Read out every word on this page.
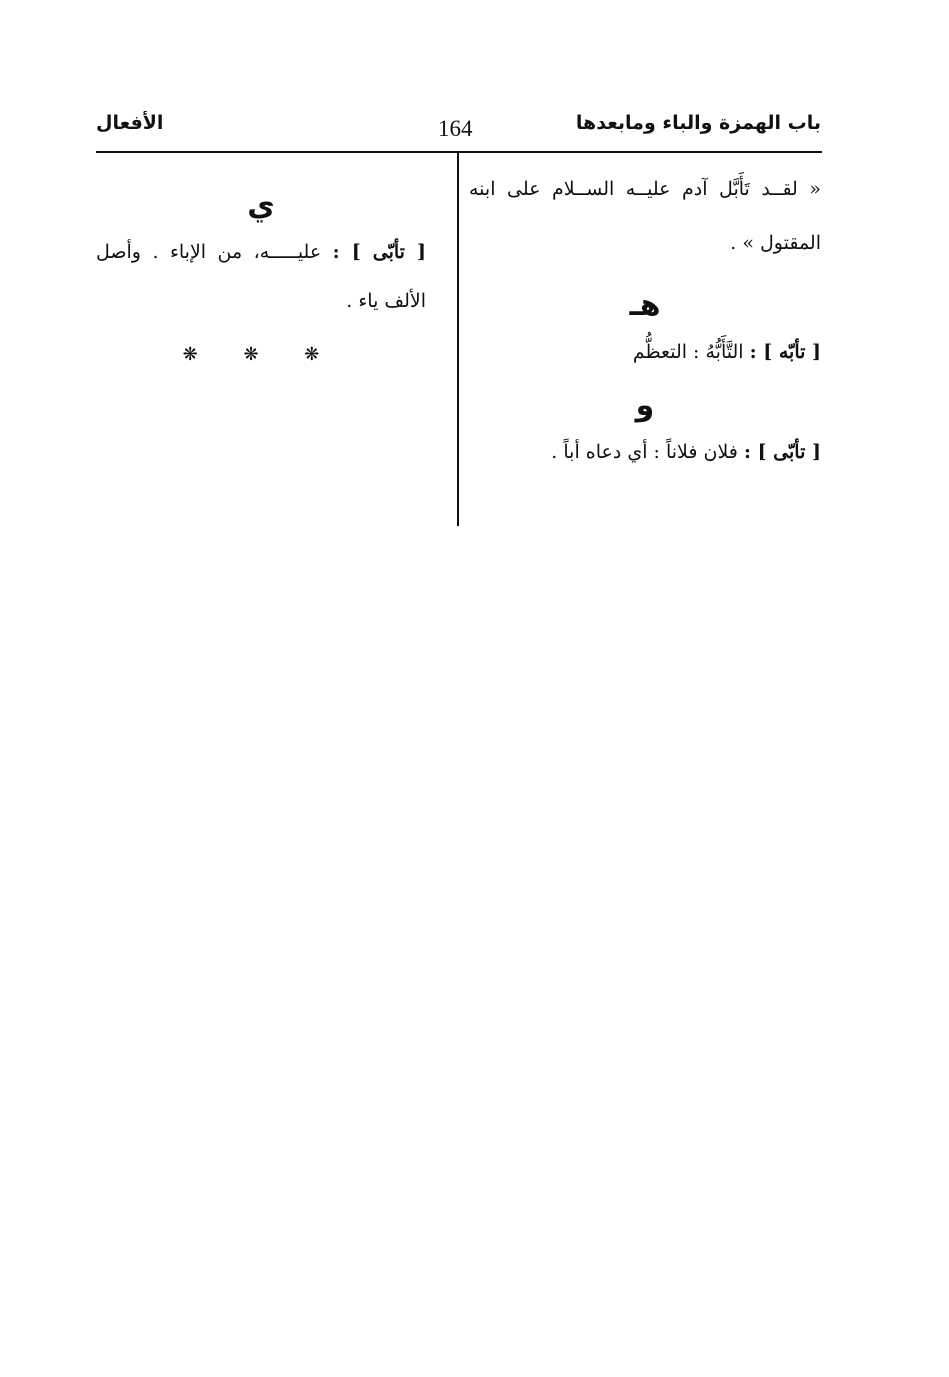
باب الهمزة والباء ومابعدها
164
الأفعال

« لقــد تَأَبَّل آدم عليــه الســلام على ابنه

المقتول » .

هـ

[ تأبّه ] : التَّأَبُّهُ : التعظُّم

و

[ تأبّى ] : فلان فلاناً : أي دعاه أباً .

ي

[ تأبّى ] : عليـــــه، من الإباء . وأصل

الألف ياء .

❋ ❋ ❋
